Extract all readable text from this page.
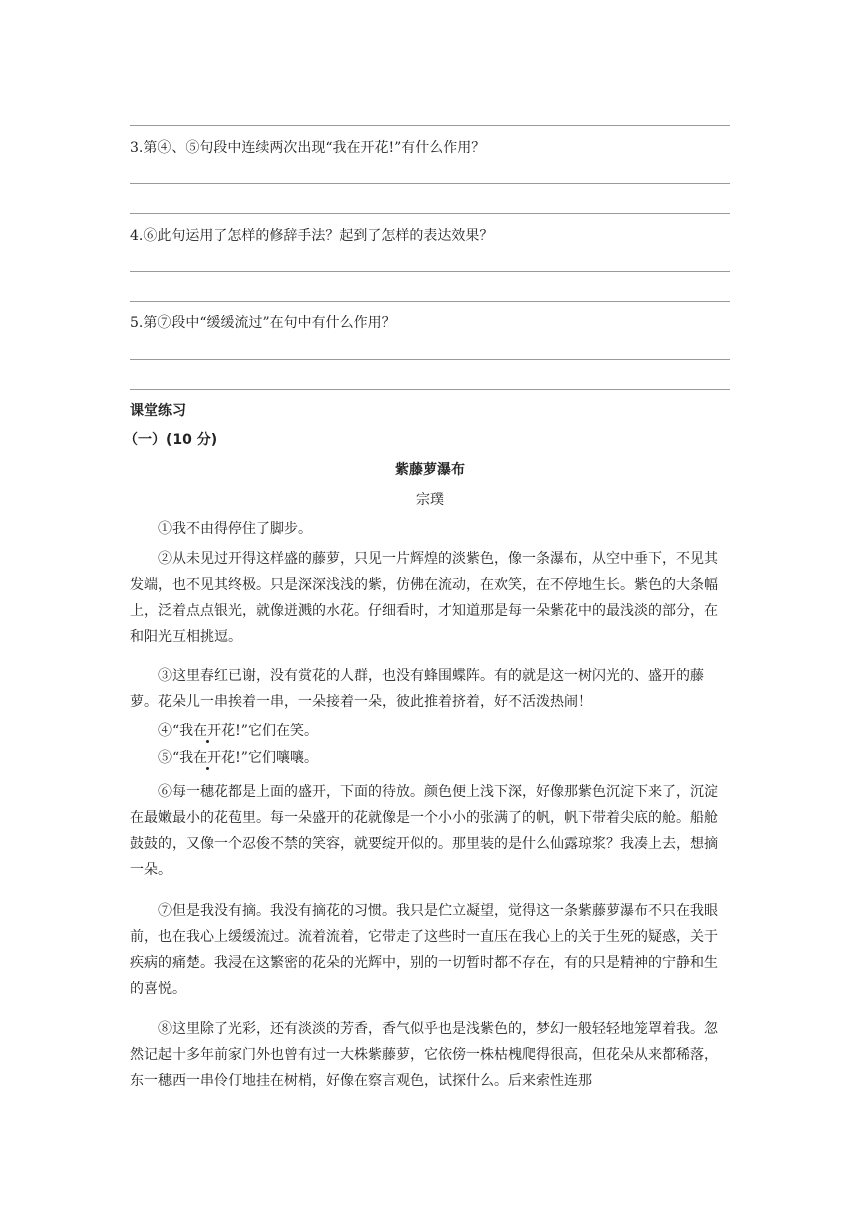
3.第④、⑤句段中连续两次出现“我在开花!”有什么作用？
4.⑥此句运用了怎样的修辞手法？起到了怎样的表达效果？
5.第⑦段中“缓缓流过”在句中有什么作用？
课堂练习
（一）(10 分)
紫藤萝瀑布
宗璞

①我不由得停住了脚步。

②从未见过开得这样盛的藤萝，只见一片辉煌的淡紫色，像一条瀑布，从空中垂下，不见其发端，也不见其终极。只是深深浅浅的紫，仿佛在流动，在欢笑，在不停地生长。紫色的大条幅上，泛着点点银光，就像迸溅的水花。仔细看时，才知道那是每一朵紫花中的最浅淡的部分，在和阳光互相挑逗。

③这里春红已谢，没有赏花的人群，也没有蜂围蝶阵。有的就是这一树闪光的、盛开的藤萝。花朵儿一串挨着一串，一朵接着一朵，彼此推着挤着，好不活泼热闹！

④“我在开花!”它们在笑。

⑤“我在开花!”它们嚷嚷。

⑥每一穗花都是上面的盛开，下面的待放。颜色便上浅下深，好像那紫色沉淀下来了，沉淀在最嫩最小的花苞里。每一朵盛开的花就像是一个小小的张满了的帆，帆下带着尖底的舱。船舱鼓鼓的，又像一个忍俊不禁的笑容，就要绽开似的。那里装的是什么仙露琼浆？我凑上去，想摘一朵。

⑦但是我没有摘。我没有摘花的习惯。我只是伫立凝望，觉得这一条紫藤萝瀑布不只在我眼前，也在我心上缓缓流过。流着流着，它带走了这些时一直压在我心上的关于生死的疑惑，关于疾病的痛楚。我浸在这繁密的花朵的光辉中，别的一切暂时都不存在，有的只是精神的宁静和生的喜悦。

⑧这里除了光彩，还有淡淡的芳香，香气似乎也是浅紫色的，梦幻一般轻轻地笼罩着我。忽然记起十多年前家门外也曾有过一大株紫藤萝，它依傍一株枯槐爬得很高，但花朵从来都稀落，东一穗西一串伶仃地挂在树梢，好像在察言观色，试探什么。后来索性连那
